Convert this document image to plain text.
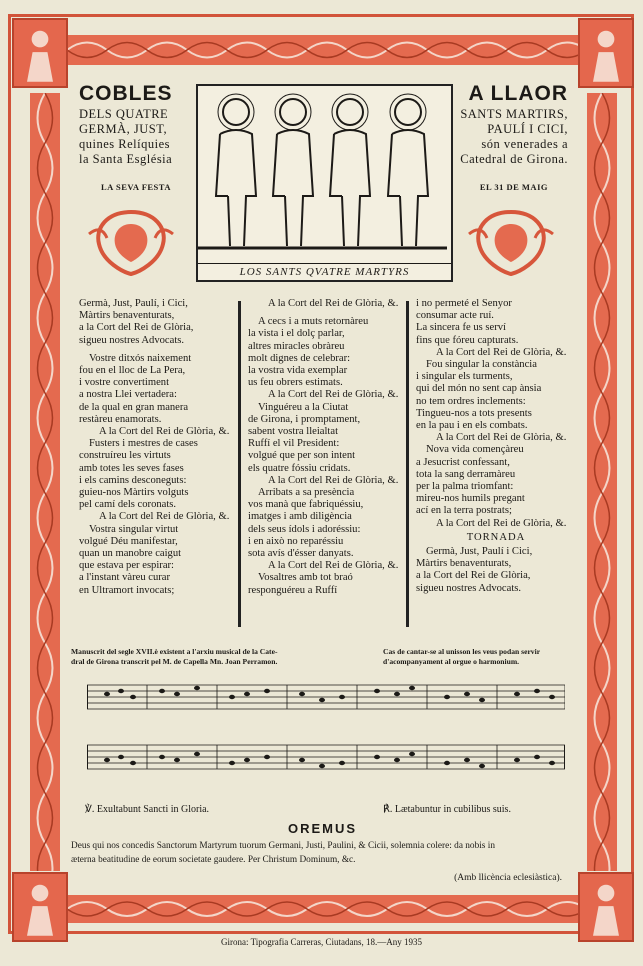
COBLES
DELS QUATRE
GERMÀ, JUST,
quines Relíquies
la Santa Església
LA SEVA FESTA
A LLAOR
SANTS MARTIRS,
PAULÍ I CICI,
són venerades a
Catedral de Girona.
EL 31 DE MAIG
LOS SANTS QVATRE MARTYRS
Germà, Just, Paulí, i Cici,
Màrtirs benaventurats,
a la Cort del Rei de Glòria,
sigueu nostres Advocats.
Vostre ditxós naixement
fou en el lloc de La Pera,
i vostre convertiment
a nostra Llei vertadera:
de la qual en gran manera
restàreu enamorats.
A la Cort del Rei de Glòria, &.
Fusters i mestres de cases
construíreu les virtuts
amb totes les seves fases
i els camins desconeguts:
guieu-nos Màrtirs volguts
pel camí dels coronats.
A la Cort del Rei de Glòria, &.
Vostra singular virtut
volgué Déu manifestar,
quan un manobre caigut
que estava per espirar:
a l'instant vàreu curar
en Ultramort invocats;
A la Cort del Rei de Glòria, &.
A cecs i a muts retornàreu
la vista i el dolç parlar,
altres miracles obràreu
molt dignes de celebrar:
la vostra vida exemplar
us feu obrers estimats.
A la Cort del Rei de Glòria, &.
Vinguéreu a la Ciutat
de Girona, i promptament,
sabent vostra lleialtat
Ruffí el vil President:
volgué que per son intent
els quatre fóssiu cridats.
A la Cort del Rei de Glòria, &.
Arribats a sa presència
vos manà que fabriquéssiu,
imatges i amb diligència
dels seus ídols i adoréssiu:
i en això no reparéssiu
sota avís d'ésser danyats.
A la Cort del Rei de Glòria, &.
Vosaltres amb tot braó
responguéreu a Ruffí
i no permeté el Senyor
consumar acte ruí.
La sincera fe us serví
fins que fóreu capturats.
A la Cort del Rei de Glòria, &.
Fou singular la constància
i singular els turments,
qui del món no sent cap ànsia
no tem ordres inclements:
Tingueu-nos a tots presents
en la pau i en els combats.
A la Cort del Rei de Glòria, &.
Nova vida començàreu
a Jesucrist confessant,
tota la sang derramàreu
per la palma triomfant:
mireu-nos humils pregant
ací en la terra postrats;
A la Cort del Rei de Glòria, &.
TORNADA
Germà, Just, Paulí i Cici,
Màrtirs benaventurats,
a la Cort del Rei de Glòria,
sigueu nostres Advocats.
Manuscrit del segle XVII.è existent a l'arxiu musical de la Cate-
dral de Girona transcrit pel M. de Capella Mn. Joan Perramon.
Cas de cantar-se al unisson les veus podan servir
d'acompanyament al orgue o harmonium.
℣. Exultabunt Sancti in Gloria.	℟. Lætabuntur in cubilibus suis.
OREMUS
Deus qui nos concedis Sanctorum Martyrum tuorum Germani, Justi, Paulini, & Cicii, solemnia colere: da nobis in
æterna beatitudine de eorum societate gaudere. Per Christum Dominum, &c.
(Amb llicència eclesiàstica).
Girona: Tipografia Carreras, Ciutadans, 18.—Any 1935
